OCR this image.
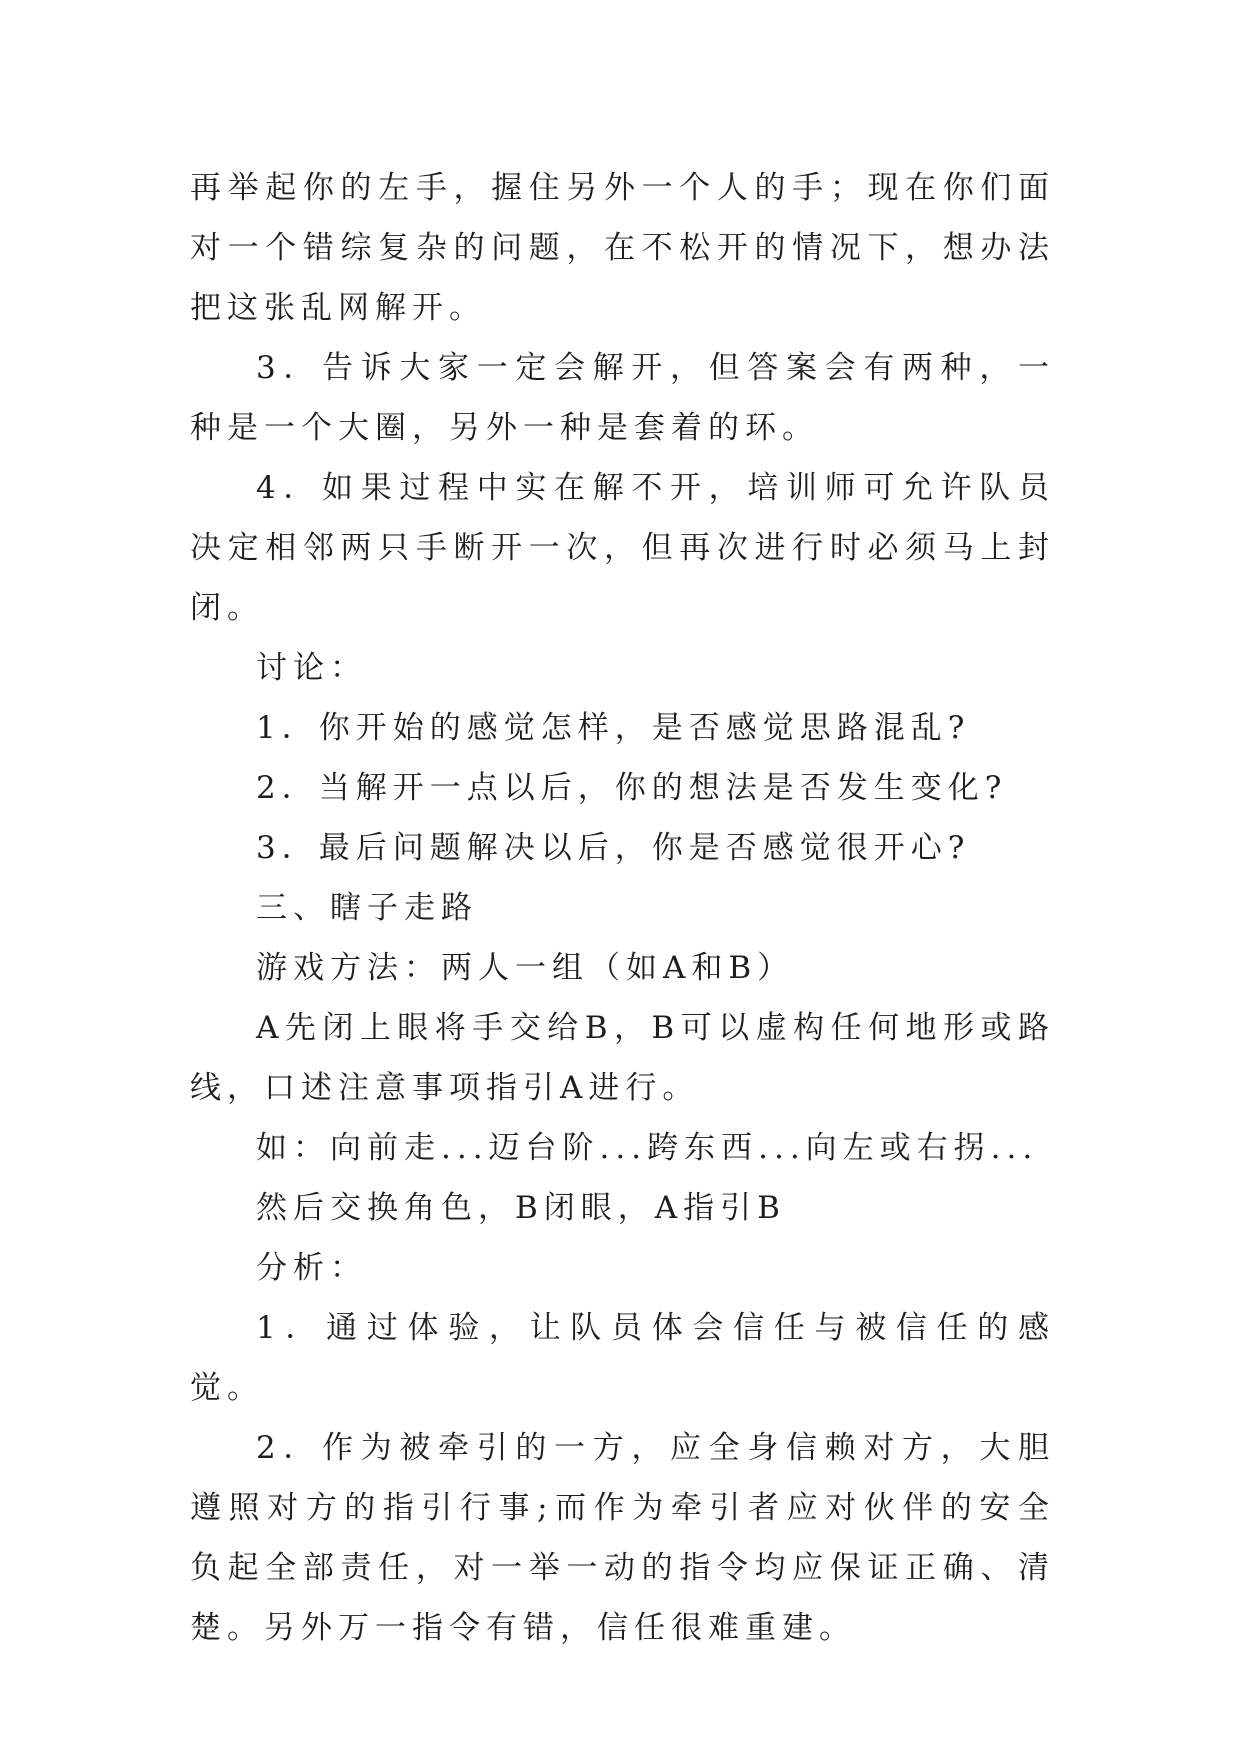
再举起你的左手，握住另外一个人的手；现在你们面对一个错综复杂的问题，在不松开的情况下，想办法把这张乱网解开。

3．告诉大家一定会解开，但答案会有两种，一种是一个大圈，另外一种是套着的环。

4．如果过程中实在解不开，培训师可允许队员决定相邻两只手断开一次，但再次进行时必须马上封闭。

讨论：

1．你开始的感觉怎样，是否感觉思路混乱?

2．当解开一点以后，你的想法是否发生变化?

3．最后问题解决以后，你是否感觉很开心?

三、瞎子走路

游戏方法：两人一组（如A和B）

A先闭上眼将手交给B，B可以虚构任何地形或路线，口述注意事项指引A进行。

如：向前走...迈台阶...跨东西...向左或右拐...

然后交换角色，B闭眼，A指引B

分析：

1．通过体验，让队员体会信任与被信任的感觉。

2．作为被牵引的一方，应全身信赖对方，大胆遵照对方的指引行事;而作为牵引者应对伙伴的安全负起全部责任，对一举一动的指令均应保证正确、清楚。另外万一指令有错，信任很难重建。
